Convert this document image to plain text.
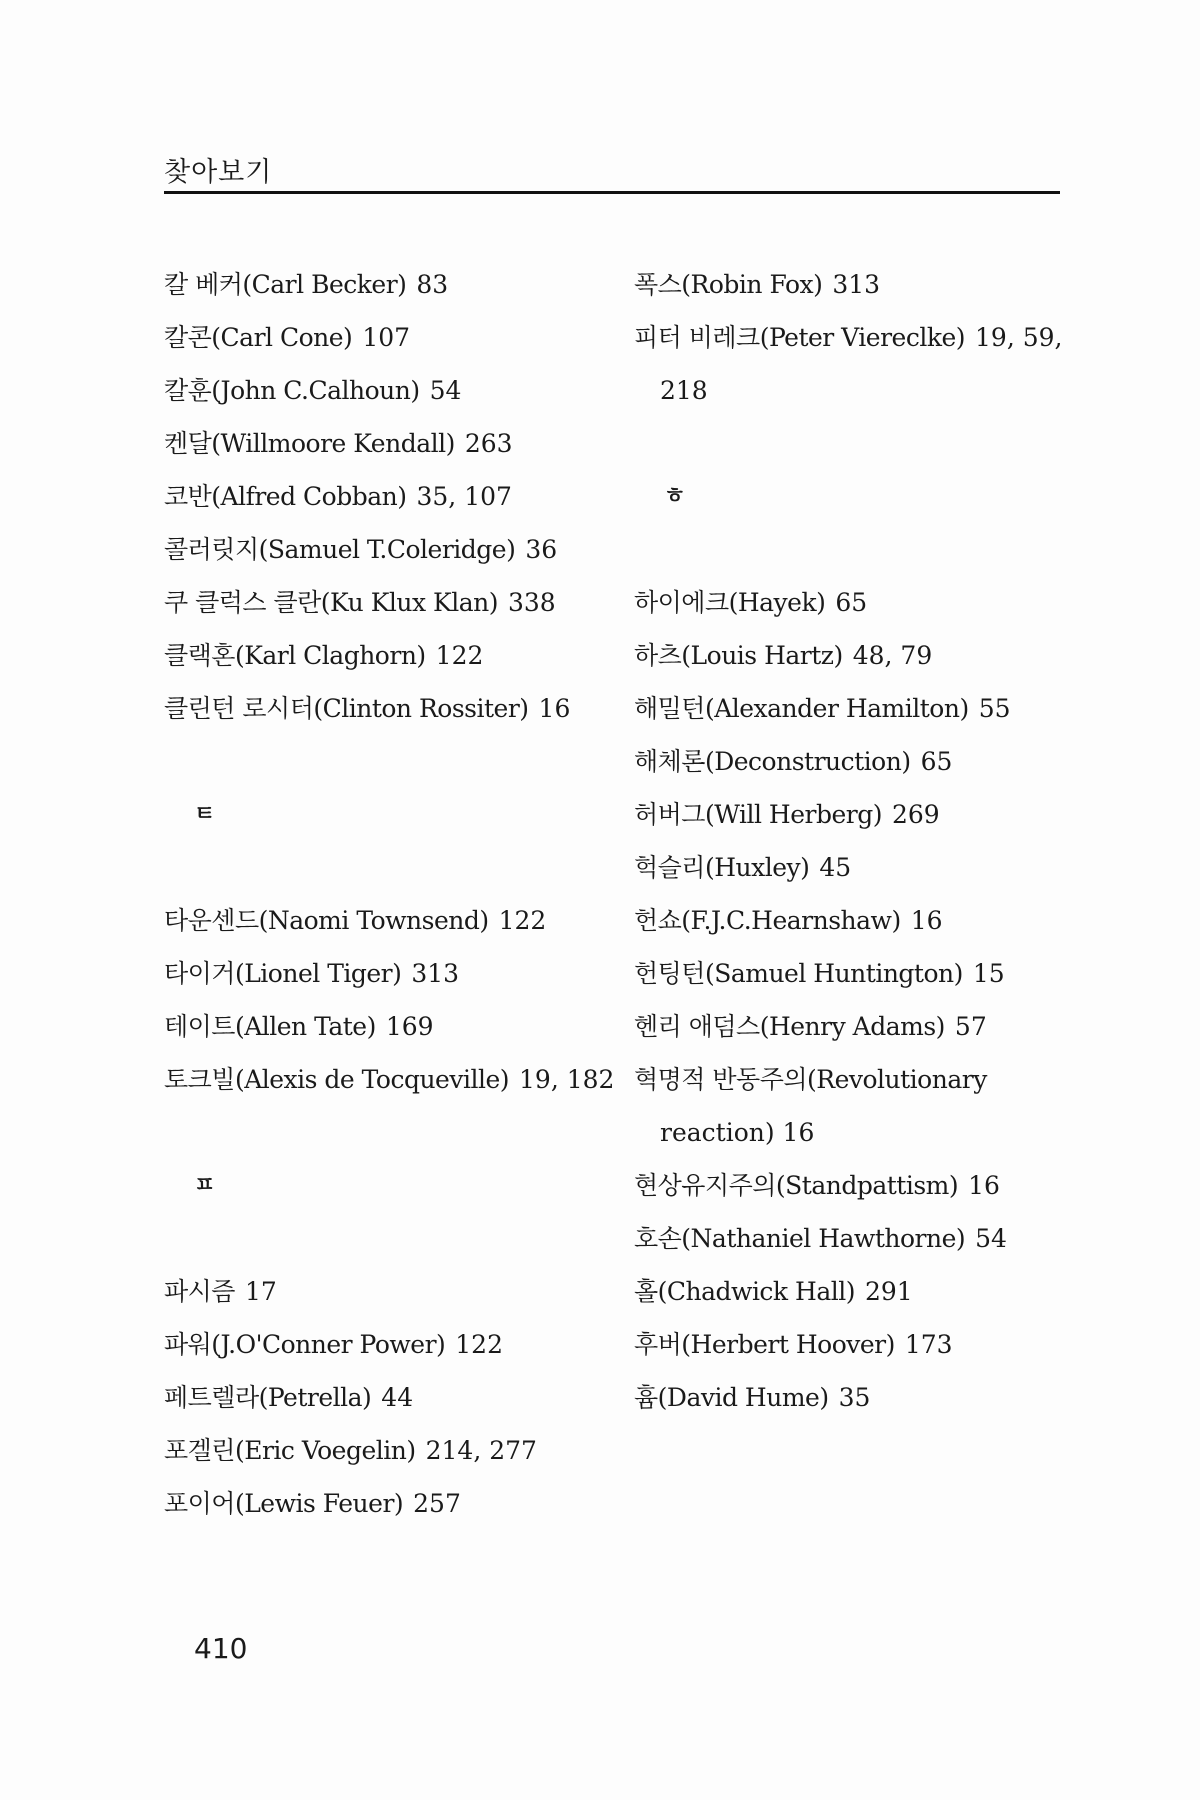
찾아보기
칼 베커(Carl Becker) 83
칼콘(Carl Cone) 107
칼훈(John C.Calhoun) 54
켄달(Willmoore Kendall) 263
코반(Alfred Cobban) 35, 107
콜러릿지(Samuel T.Coleridge) 36
쿠 클럭스 클란(Ku Klux Klan) 338
클랙혼(Karl Claghorn) 122
클린턴 로시터(Clinton Rossiter) 16
ㅌ
타운센드(Naomi Townsend) 122
타이거(Lionel Tiger) 313
테이트(Allen Tate) 169
토크빌(Alexis de Tocqueville) 19, 182
ㅍ
파시즘 17
파워(J.O'Conner Power) 122
페트렐라(Petrella) 44
포겔린(Eric Voegelin) 214, 277
포이어(Lewis Feuer) 257
폭스(Robin Fox) 313
피터 비레크(Peter Viereclke) 19, 59,
218
ㅎ
하이에크(Hayek) 65
하츠(Louis Hartz) 48, 79
해밀턴(Alexander Hamilton) 55
해체론(Deconstruction) 65
허버그(Will Herberg) 269
헉슬리(Huxley) 45
헌쇼(F.J.C.Hearnshaw) 16
헌팅턴(Samuel Huntington) 15
헨리 애덤스(Henry Adams) 57
혁명적 반동주의(Revolutionary
reaction) 16
현상유지주의(Standpattism) 16
호손(Nathaniel Hawthorne) 54
홀(Chadwick Hall) 291
후버(Herbert Hoover) 173
흄(David Hume) 35
410
